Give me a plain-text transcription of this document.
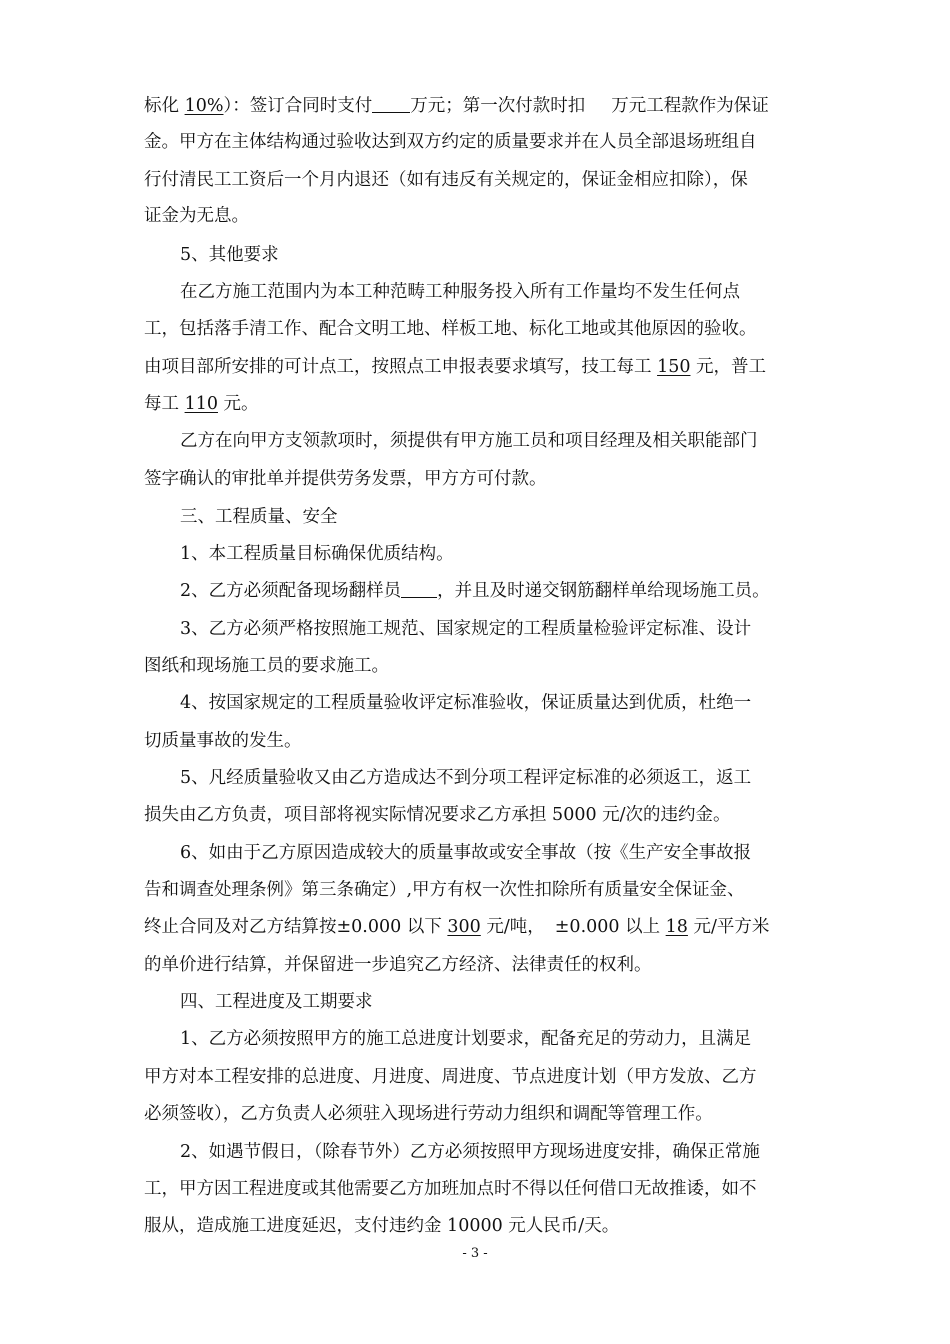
标化 10%）：签订合同时支付 万元；第一次付款时扣 万元工程款作为保证
金。甲方在主体结构通过验收达到双方约定的质量要求并在人员全部退场班组自
行付清民工工资后一个月内退还（如有违反有关规定的，保证金相应扣除），保
证金为无息。
5、其他要求
在乙方施工范围内为本工种范畴工种服务投入所有工作量均不发生任何点
工，包括落手清工作、配合文明工地、样板工地、标化工地或其他原因的验收。
由项目部所安排的可计点工，按照点工申报表要求填写，技工每工 150 元，普工
每工 110 元。
乙方在向甲方支领款项时，须提供有甲方施工员和项目经理及相关职能部门
签字确认的审批单并提供劳务发票，甲方方可付款。
三、工程质量、安全
1、本工程质量目标确保优质结构。
2、乙方必须配备现场翻样员 ，并且及时递交钢筋翻样单给现场施工员。
3、乙方必须严格按照施工规范、国家规定的工程质量检验评定标准、设计
图纸和现场施工员的要求施工。
4、按国家规定的工程质量验收评定标准验收，保证质量达到优质，杜绝一
切质量事故的发生。
5、凡经质量验收又由乙方造成达不到分项工程评定标准的必须返工，返工
损失由乙方负责，项目部将视实际情况要求乙方承担 5000 元/次的违约金。
6、如由于乙方原因造成较大的质量事故或安全事故（按《生产安全事故报
告和调查处理条例》第三条确定）,甲方有权一次性扣除所有质量安全保证金、
终止合同及对乙方结算按±0.000 以下 300 元/吨， ±0.000 以上 18 元/平方米
的单价进行结算，并保留进一步追究乙方经济、法律责任的权利。
四、工程进度及工期要求
1、乙方必须按照甲方的施工总进度计划要求，配备充足的劳动力，且满足
甲方对本工程安排的总进度、月进度、周进度、节点进度计划（甲方发放、乙方
必须签收），乙方负责人必须驻入现场进行劳动力组织和调配等管理工作。
2、如遇节假日，（除春节外）乙方必须按照甲方现场进度安排，确保正常施
工，甲方因工程进度或其他需要乙方加班加点时不得以任何借口无故推诿，如不
服从，造成施工进度延迟，支付违约金 10000 元人民币/天。
- 3 -
